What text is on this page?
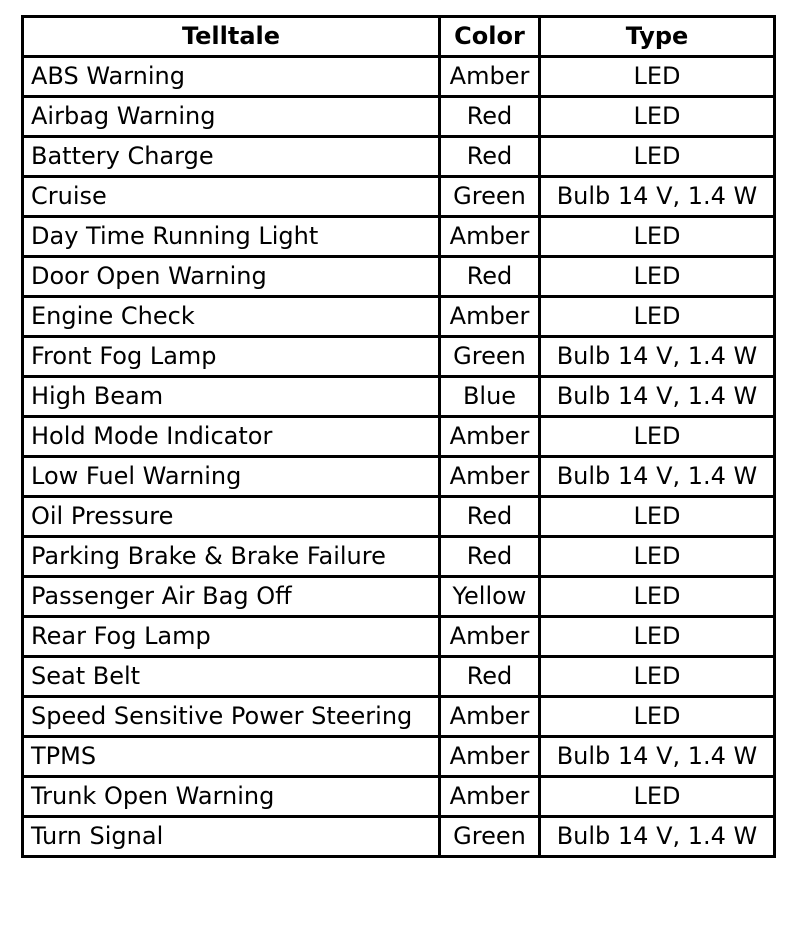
Telltale	Color	Type
ABS Warning	Amber	LED
Airbag Warning	Red	LED
Battery Charge	Red	LED
Cruise	Green	Bulb 14 V, 1.4 W
Day Time Running Light	Amber	LED
Door Open Warning	Red	LED
Engine Check	Amber	LED
Front Fog Lamp	Green	Bulb 14 V, 1.4 W
High Beam	Blue	Bulb 14 V, 1.4 W
Hold Mode Indicator	Amber	LED
Low Fuel Warning	Amber	Bulb 14 V, 1.4 W
Oil Pressure	Red	LED
Parking Brake & Brake Failure	Red	LED
Passenger Air Bag Off	Yellow	LED
Rear Fog Lamp	Amber	LED
Seat Belt	Red	LED
Speed Sensitive Power Steering	Amber	LED
TPMS	Amber	Bulb 14 V, 1.4 W
Trunk Open Warning	Amber	LED
Turn Signal	Green	Bulb 14 V, 1.4 W
